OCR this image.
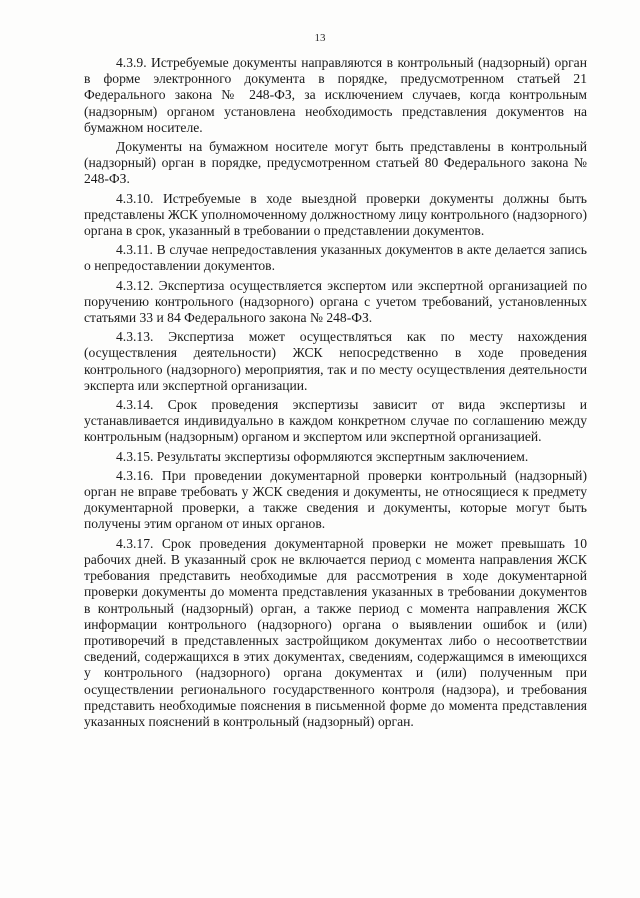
13

4.3.9. Истребуемые документы направляются в контрольный (надзорный) орган в форме электронного документа в порядке, предусмотренном статьей 21 Федерального закона № 248-ФЗ, за исключением случаев, когда контрольным (надзорным) органом установлена необходимость представления документов на бумажном носителе.

Документы на бумажном носителе могут быть представлены в контрольный (надзорный) орган в порядке, предусмотренном статьей 80 Федерального закона № 248-ФЗ.

4.3.10. Истребуемые в ходе выездной проверки документы должны быть представлены ЖСК уполномоченному должностному лицу контрольного (надзорного) органа в срок, указанный в требовании о представлении документов.

4.3.11. В случае непредоставления указанных документов в акте делается запись о непредоставлении документов.

4.3.12. Экспертиза осуществляется экспертом или экспертной организацией по поручению контрольного (надзорного) органа с учетом требований, установленных статьями 33 и 84 Федерального закона № 248-ФЗ.

4.3.13. Экспертиза может осуществляться как по месту нахождения (осуществления деятельности) ЖСК непосредственно в ходе проведения контрольного (надзорного) мероприятия, так и по месту осуществления деятельности эксперта или экспертной организации.

4.3.14. Срок проведения экспертизы зависит от вида экспертизы и устанавливается индивидуально в каждом конкретном случае по соглашению между контрольным (надзорным) органом и экспертом или экспертной организацией.

4.3.15. Результаты экспертизы оформляются экспертным заключением.

4.3.16. При проведении документарной проверки контрольный (надзорный) орган не вправе требовать у ЖСК сведения и документы, не относящиеся к предмету документарной проверки, а также сведения и документы, которые могут быть получены этим органом от иных органов.

4.3.17. Срок проведения документарной проверки не может превышать 10 рабочих дней. В указанный срок не включается период с момента направления ЖСК требования представить необходимые для рассмотрения в ходе документарной проверки документы до момента представления указанных в требовании документов в контрольный (надзорный) орган, а также период с момента направления ЖСК информации контрольного (надзорного) органа о выявлении ошибок и (или) противоречий в представленных застройщиком документах либо о несоответствии сведений, содержащихся в этих документах, сведениям, содержащимся в имеющихся у контрольного (надзорного) органа документах и (или) полученным при осуществлении регионального государственного контроля (надзора), и требования представить необходимые пояснения в письменной форме до момента представления указанных пояснений в контрольный (надзорный) орган.
